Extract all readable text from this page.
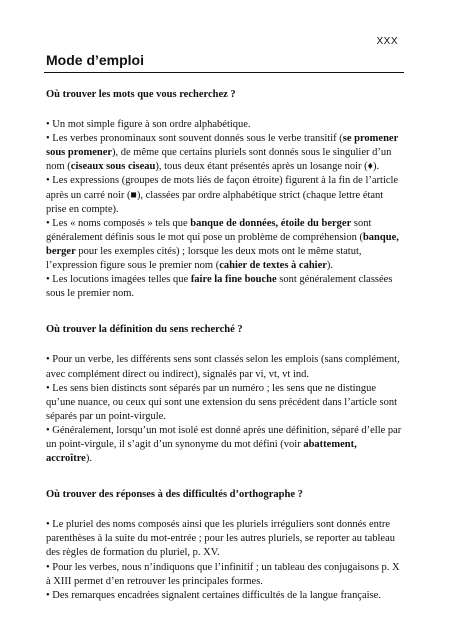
XXX
Mode d’emploi

Où trouver les mots que vous recherchez ?

• Un mot simple figure à son ordre alphabétique.

• Les verbes pronominaux sont souvent donnés sous le verbe transitif (se promener sous promener), de même que certains pluriels sont donnés sous le singulier d’un nom (ciseaux sous ciseau), tous deux étant présentés après un losange noir (♦).

• Les expressions (groupes de mots liés de façon étroite) figurent à la fin de l’article après un carré noir (■), classées par ordre alphabétique strict (chaque lettre étant prise en compte).

• Les « noms composés » tels que banque de données, étoile du berger sont généralement définis sous le mot qui pose un problème de compréhension (banque, berger pour les exemples cités) ; lorsque les deux mots ont le même statut, l’expression figure sous le premier nom (cahier de textes à cahier).

• Les locutions imagées telles que faire la fine bouche sont généralement classées sous le premier nom.

Où trouver la définition du sens recherché ?

• Pour un verbe, les différents sens sont classés selon les emplois (sans complément, avec complément direct ou indirect), signalés par vi, vt, vt ind.

• Les sens bien distincts sont séparés par un numéro ; les sens que ne distingue qu’une nuance, ou ceux qui sont une extension du sens précédent dans l’article sont séparés par un point-virgule.

• Généralement, lorsqu’un mot isolé est donné après une définition, séparé d’elle par un point-virgule, il s’agit d’un synonyme du mot défini (voir abattement, accroître).

Où trouver des réponses à des difficultés d’orthographe ?

• Le pluriel des noms composés ainsi que les pluriels irréguliers sont donnés entre parenthèses à la suite du mot-entrée ; pour les autres pluriels, se reporter au tableau des règles de formation du pluriel, p. XV.

• Pour les verbes, nous n’indiquons que l’infinitif ; un tableau des conjugaisons p. X à XIII permet d’en retrouver les principales formes.

• Des remarques encadrées signalent certaines difficultés de la langue française.
